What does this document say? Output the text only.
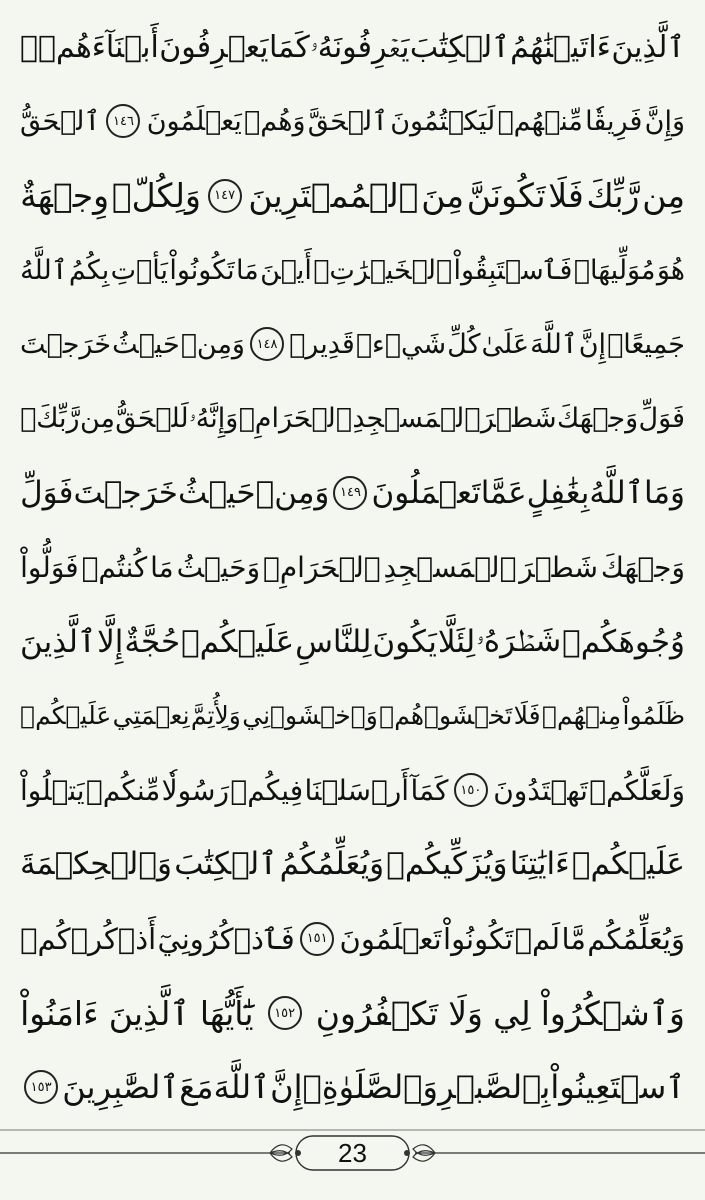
ٱلَّذِينَ
ءَاتَيۡنَٰهُمُ
ٱلۡكِتَٰبَ
يَعۡرِفُونَهُۥ
كَمَا
يَعۡرِفُونَ
أَبۡنَآءَهُمۡۖ
وَإِنَّ
فَرِيقٗا
مِّنۡهُمۡ
لَيَكۡتُمُونَ
ٱلۡحَقَّ
وَهُمۡ
يَعۡلَمُونَ
١٤٦
ٱلۡحَقُّ
مِن
رَّبِّكَ
فَلَا
تَكُونَنَّ
مِنَ
ٱلۡمُمۡتَرِينَ
١٤٧
وَلِكُلّٖ
وِجۡهَةٌ
هُوَ
مُوَلِّيهَاۖ
فَٱسۡتَبِقُواْ
ٱلۡخَيۡرَٰتِۚ
أَيۡنَ
مَا
تَكُونُواْ
يَأۡتِ
بِكُمُ
ٱللَّهُ
جَمِيعًاۚ
إِنَّ
ٱللَّهَ
عَلَىٰ
كُلِّ
شَيۡءٖ
قَدِيرٞ
١٤٨
وَمِنۡ
حَيۡثُ
خَرَجۡتَ
فَوَلِّ
وَجۡهَكَ
شَطۡرَ
ٱلۡمَسۡجِدِ
ٱلۡحَرَامِۖ
وَإِنَّهُۥ
لَلۡحَقُّ
مِن
رَّبِّكَۗ
وَمَا
ٱللَّهُ
بِغَٰفِلٍ
عَمَّا
تَعۡمَلُونَ
١٤٩
وَمِنۡ
حَيۡثُ
خَرَجۡتَ
فَوَلِّ
وَجۡهَكَ
شَطۡرَ
ٱلۡمَسۡجِدِ
ٱلۡحَرَامِۚ
وَحَيۡثُ
مَا
كُنتُمۡ
فَوَلُّواْ
وُجُوهَكُمۡ
شَطۡرَهُۥ
لِئَلَّا
يَكُونَ
لِلنَّاسِ
عَلَيۡكُمۡ
حُجَّةٌ
إِلَّا
ٱلَّذِينَ
ظَلَمُواْ
مِنۡهُمۡ
فَلَا
تَخۡشَوۡهُمۡ
وَٱخۡشَوۡنِي
وَلِأُتِمَّ
نِعۡمَتِي
عَلَيۡكُمۡ
وَلَعَلَّكُمۡ
تَهۡتَدُونَ
١٥٠
كَمَآ
أَرۡسَلۡنَا
فِيكُمۡ
رَسُولٗا
مِّنكُمۡ
يَتۡلُواْ
عَلَيۡكُمۡ
ءَايَٰتِنَا
وَيُزَكِّيكُمۡ
وَيُعَلِّمُكُمُ
ٱلۡكِتَٰبَ
وَٱلۡحِكۡمَةَ
وَيُعَلِّمُكُم
مَّا
لَمۡ
تَكُونُواْ
تَعۡلَمُونَ
١٥١
فَٱذۡكُرُونِيٓ
أَذۡكُرۡكُمۡ
وَٱشۡكُرُواْ
لِي
وَلَا
تَكۡفُرُونِ
١٥٢
يَٰٓأَيُّهَا
ٱلَّذِينَ
ءَامَنُواْ
ٱسۡتَعِينُواْ
بِٱلصَّبۡرِ
وَٱلصَّلَوٰةِۚ
إِنَّ
ٱللَّهَ
مَعَ
ٱلصَّٰبِرِينَ
١٥٣
23
